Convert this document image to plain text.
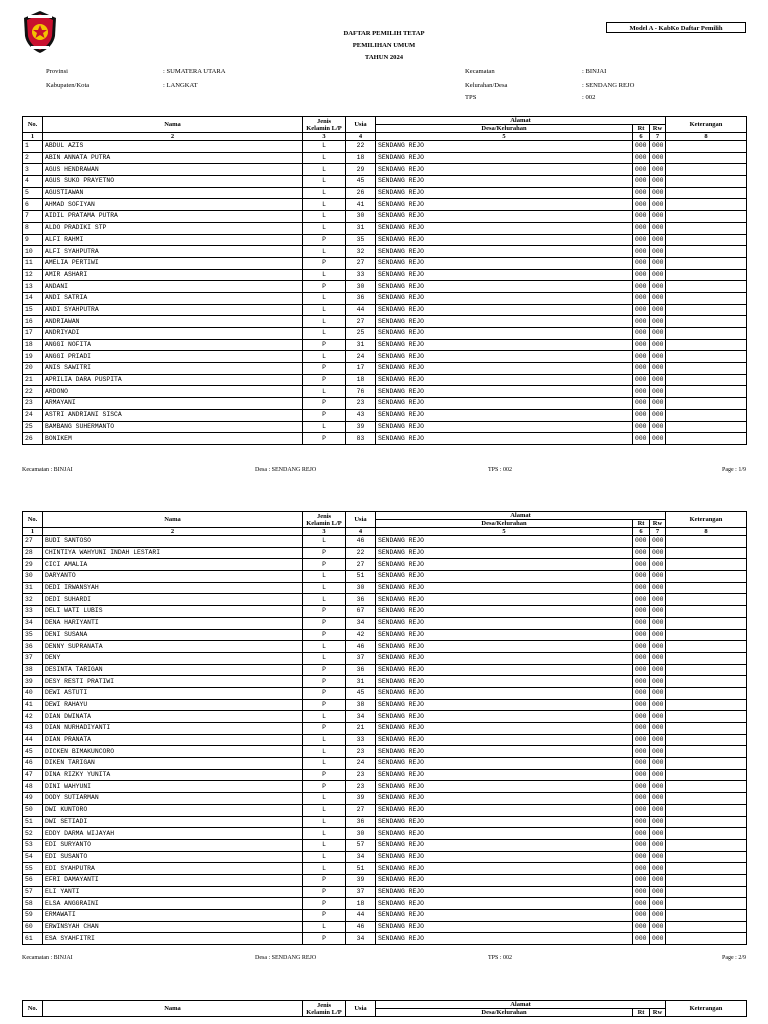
DAFTAR PEMILIH TETAP
PEMILIHAN UMUM
TAHUN 2024
Model A - KabKo Daftar Pemilih
Provinsi	: SUMATERA UTARA
Kabupaten/Kota	: LANGKAT
Kecamatan	: BINJAI
Kelurahan/Desa	: SENDANG REJO
TPS	: 002
No.	Nama	Jenis Kelamin L/P	Usia	Alamat			Keterangan
				Desa/Kelurahan	Rt	Rw	
1	2	3	4	5	6	7	8
1	ABDUL AZIS	L	22	SENDANG REJO	000	000	
2	ABIN ANNATA PUTRA	L	18	SENDANG REJO	000	000	
3	AGUS HENDRAWAN	L	29	SENDANG REJO	000	000	
4	AGUS SUKO PRAYETNO	L	45	SENDANG REJO	000	000	
5	AGUSTIAWAN	L	26	SENDANG REJO	000	000	
6	AHMAD SOFIYAN	L	41	SENDANG REJO	000	000	
7	AIDIL PRATAMA PUTRA	L	30	SENDANG REJO	000	000	
8	ALDO PRADIKI STP	L	31	SENDANG REJO	000	000	
9	ALFI RAHMI	P	35	SENDANG REJO	000	000	
10	ALFI SYAHPUTRA	L	32	SENDANG REJO	000	000	
11	AMELIA PERTIWI	P	27	SENDANG REJO	000	000	
12	AMIR ASHARI	L	33	SENDANG REJO	000	000	
13	ANDANI	P	30	SENDANG REJO	000	000	
14	ANDI SATRIA	L	36	SENDANG REJO	000	000	
15	ANDI SYAHPUTRA	L	44	SENDANG REJO	000	000	
16	ANDRIAWAN	L	27	SENDANG REJO	000	000	
17	ANDRIYADI	L	25	SENDANG REJO	000	000	
18	ANGGI NOFITA	P	31	SENDANG REJO	000	000	
19	ANGGI PRIADI	L	24	SENDANG REJO	000	000	
20	ANIS SAWITRI	P	17	SENDANG REJO	000	000	
21	APRILIA DARA PUSPITA	P	18	SENDANG REJO	000	000	
22	ARDONO	L	76	SENDANG REJO	000	000	
23	ARMAYANI	P	23	SENDANG REJO	000	000	
24	ASTRI ANDRIANI SISCA	P	43	SENDANG REJO	000	000	
25	BAMBANG SUHERMANTO	L	39	SENDANG REJO	000	000	
26	BONIKEM	P	83	SENDANG REJO	000	000	
Kecamatan : BINJAI	Desa : SENDANG REJO	TPS : 002	Page : 1/9
No.	Nama	Jenis Kelamin L/P	Usia	Alamat			Keterangan
				Desa/Kelurahan	Rt	Rw	
1	2	3	4	5	6	7	8
27	BUDI SANTOSO	L	46	SENDANG REJO	000	000	
28	CHINTIYA WAHYUNI INDAH LESTARI	P	22	SENDANG REJO	000	000	
29	CICI AMALIA	P	27	SENDANG REJO	000	000	
30	DARYANTO	L	51	SENDANG REJO	000	000	
31	DEDI IRWANSYAH	L	30	SENDANG REJO	000	000	
32	DEDI SUHARDI	L	36	SENDANG REJO	000	000	
33	DELI WATI LUBIS	P	67	SENDANG REJO	000	000	
34	DENA HARIYANTI	P	34	SENDANG REJO	000	000	
35	DENI SUSANA	P	42	SENDANG REJO	000	000	
36	DENNY SUPRANATA	L	46	SENDANG REJO	000	000	
37	DENY	L	37	SENDANG REJO	000	000	
38	DESINTA TARIGAN	P	36	SENDANG REJO	000	000	
39	DESY RESTI PRATIWI	P	31	SENDANG REJO	000	000	
40	DEWI ASTUTI	P	45	SENDANG REJO	000	000	
41	DEWI RAHAYU	P	38	SENDANG REJO	000	000	
42	DIAN DWINATA	L	34	SENDANG REJO	000	000	
43	DIAN NURHADIYANTI	P	21	SENDANG REJO	000	000	
44	DIAN PRANATA	L	33	SENDANG REJO	000	000	
45	DICKEN BIMAKUNCORO	L	23	SENDANG REJO	000	000	
46	DIKEN TARIGAN	L	24	SENDANG REJO	000	000	
47	DINA RIZKY YUNITA	P	23	SENDANG REJO	000	000	
48	DINI WAHYUNI	P	23	SENDANG REJO	000	000	
49	DODY SUTIARMAN	L	39	SENDANG REJO	000	000	
50	DWI KUNTORO	L	27	SENDANG REJO	000	000	
51	DWI SETIADI	L	36	SENDANG REJO	000	000	
52	EDDY DARMA WIJAYAH	L	30	SENDANG REJO	000	000	
53	EDI SURYANTO	L	57	SENDANG REJO	000	000	
54	EDI SUSANTO	L	34	SENDANG REJO	000	000	
55	EDI SYAHPUTRA	L	51	SENDANG REJO	000	000	
56	EFRI DAMAYANTI	P	39	SENDANG REJO	000	000	
57	ELI YANTI	P	37	SENDANG REJO	000	000	
58	ELSA ANGGRAINI	P	18	SENDANG REJO	000	000	
59	ERMAWATI	P	44	SENDANG REJO	000	000	
60	ERWINSYAH CHAN	L	46	SENDANG REJO	000	000	
61	ESA SYAHFITRI	P	34	SENDANG REJO	000	000	
Kecamatan : BINJAI	Desa : SENDANG REJO	TPS : 002	Page : 2/9
No.	Nama	Jenis Kelamin L/P	Usia	Alamat			Keterangan
				Desa/Kelurahan	Rt	Rw	
